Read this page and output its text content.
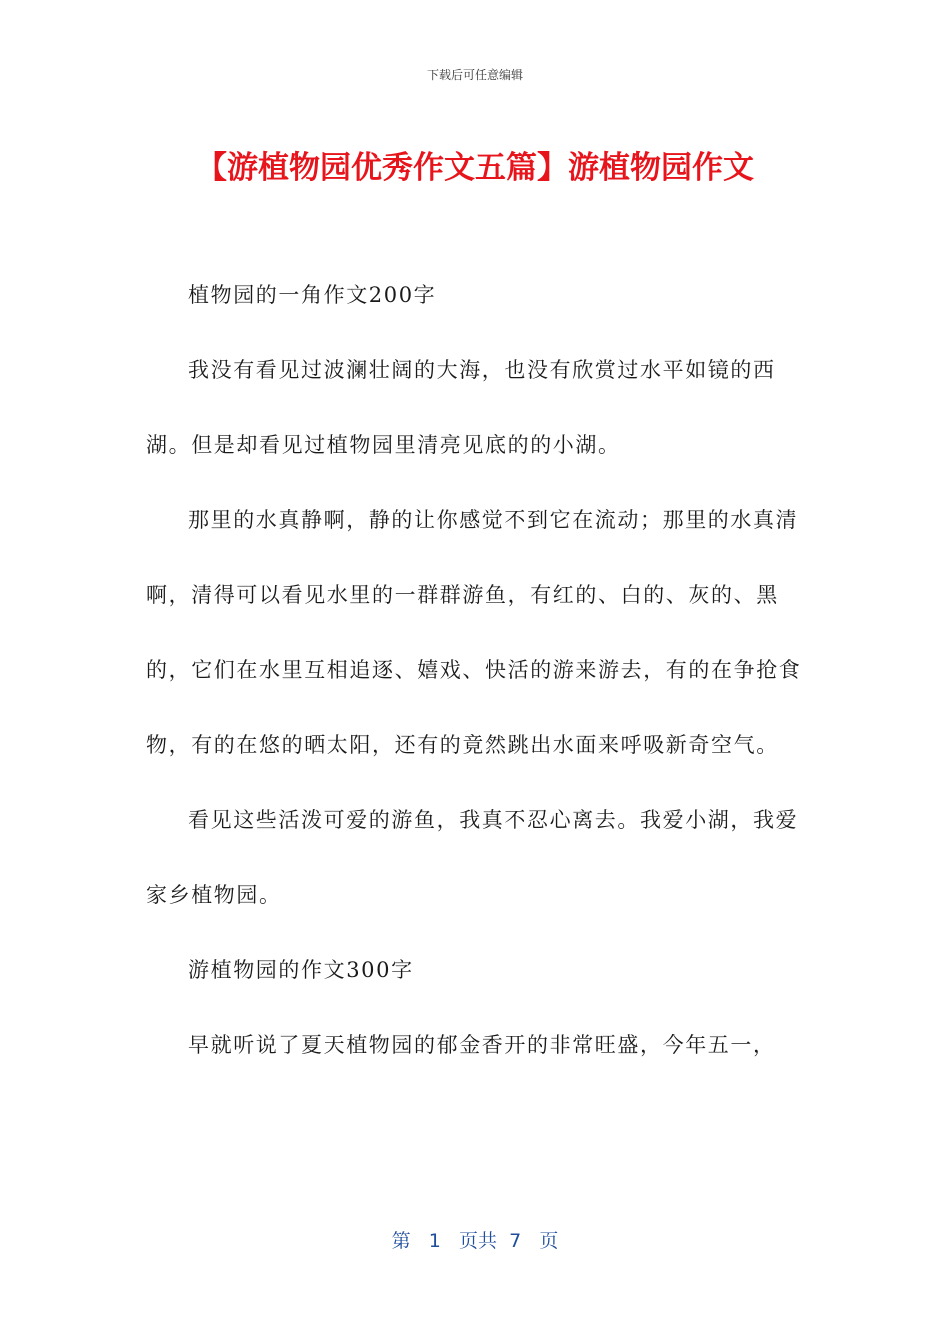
下载后可任意编辑
【游植物园优秀作文五篇】游植物园作文

植物园的一角作文200字

我没有看见过波澜壮阔的大海，也没有欣赏过水平如镜的西湖。但是却看见过植物园里清亮见底的的小湖。

那里的水真静啊，静的让你感觉不到它在流动；那里的水真清啊，清得可以看见水里的一群群游鱼，有红的、白的、灰的、黑的，它们在水里互相追逐、嬉戏、快活的游来游去，有的在争抢食物，有的在悠的晒太阳，还有的竟然跳出水面来呼吸新奇空气。

看见这些活泼可爱的游鱼，我真不忍心离去。我爱小湖，我爱家乡植物园。

游植物园的作文300字

早就听说了夏天植物园的郁金香开的非常旺盛，今年五一，

第 1 页共 7 页
